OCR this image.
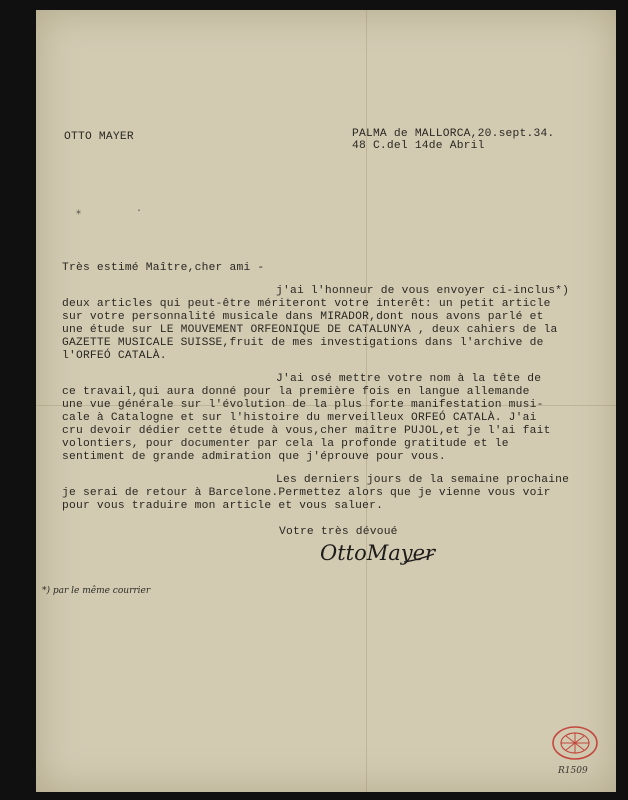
OTTO MAYER	PALMA de MALLORCA,20.sept.34.
48 C.del 14de Abril
⁎	·
Très estimé Maître,cher ami -
j'ai l'honneur de vous envoyer ci-inclus*)
deux articles qui peut-être mériteront votre interêt: un petit article
sur votre personnalité musicale dans MIRADOR,dont nous avons parlé et
une étude sur LE MOUVEMENT ORFEONIQUE DE CATALUNYA , deux cahiers de la
GAZETTE MUSICALE SUISSE,fruit de mes investigations dans l'archive de
l'ORFEÓ CATALÀ.
J'ai osé mettre votre nom à la tête de
ce travail,qui aura donné pour la première fois en langue allemande
une vue générale sur l'évolution de la plus forte manifestation musi-
cale à Catalogne et sur l'histoire du merveilleux ORFEÓ CATALÀ. J'ai
cru devoir dédier cette étude à vous,cher maître PUJOL,et je l'ai fait
volontiers, pour documenter par cela la profonde gratitude et le
sentiment de grande admiration que j'éprouve pour vous.
Les derniers jours de la semaine prochaine
je serai de retour à Barcelone.Permettez alors que je vienne vous voir
pour vous traduire mon article et vous saluer.
Votre très dévoué
OttoMayer
*) par le même courrier
R1509
